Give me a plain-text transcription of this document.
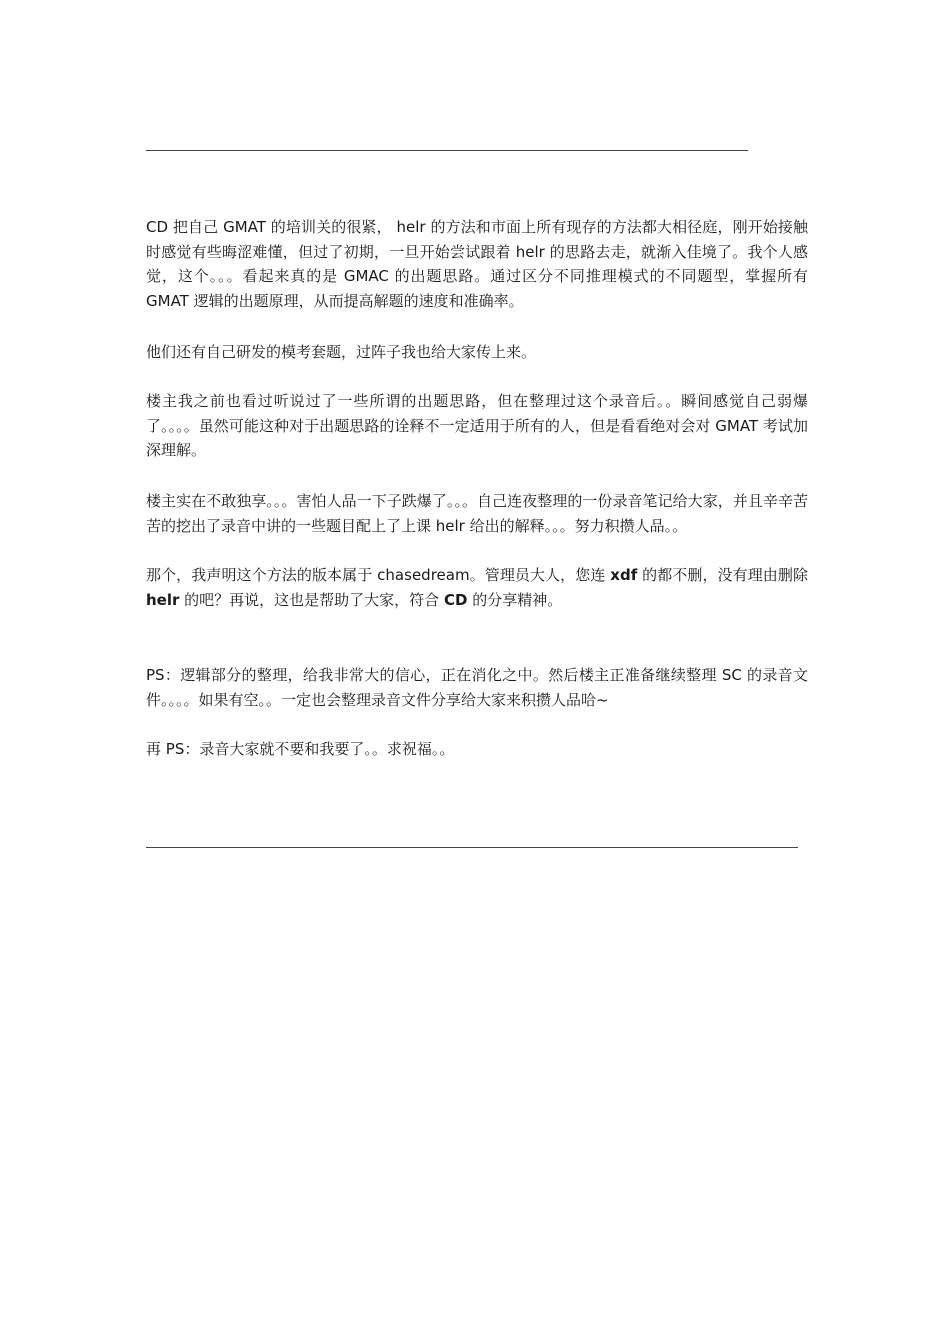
CD 把自己 GMAT 的培训关的很紧， helr 的方法和市面上所有现存的方法都大相径庭，刚开始接触时感觉有些晦涩难懂，但过了初期，一旦开始尝试跟着 helr 的思路去走，就渐入佳境了。我个人感觉，这个。。。看起来真的是 GMAC 的出题思路。通过区分不同推理模式的不同题型，掌握所有 GMAT 逻辑的出题原理，从而提高解题的速度和准确率。

他们还有自己研发的模考套题，过阵子我也给大家传上来。

楼主我之前也看过听说过了一些所谓的出题思路，但在整理过这个录音后。。瞬间感觉自己弱爆了。。。。虽然可能这种对于出题思路的诠释不一定适用于所有的人，但是看看绝对会对 GMAT 考试加深理解。

楼主实在不敢独享。。。害怕人品一下子跌爆了。。。自己连夜整理的一份录音笔记给大家，并且辛辛苦苦的挖出了录音中讲的一些题目配上了上课 helr 给出的解释。。。努力积攒人品。。

那个，我声明这个方法的版本属于 chasedream。管理员大人，您连 xdf 的都不删，没有理由删除 helr 的吧？再说，这也是帮助了大家，符合 CD 的分享精神。

PS：逻辑部分的整理，给我非常大的信心，正在消化之中。然后楼主正准备继续整理 SC 的录音文件。。。。如果有空。。一定也会整理录音文件分享给大家来积攒人品哈~

再 PS：录音大家就不要和我要了。。求祝福。。
